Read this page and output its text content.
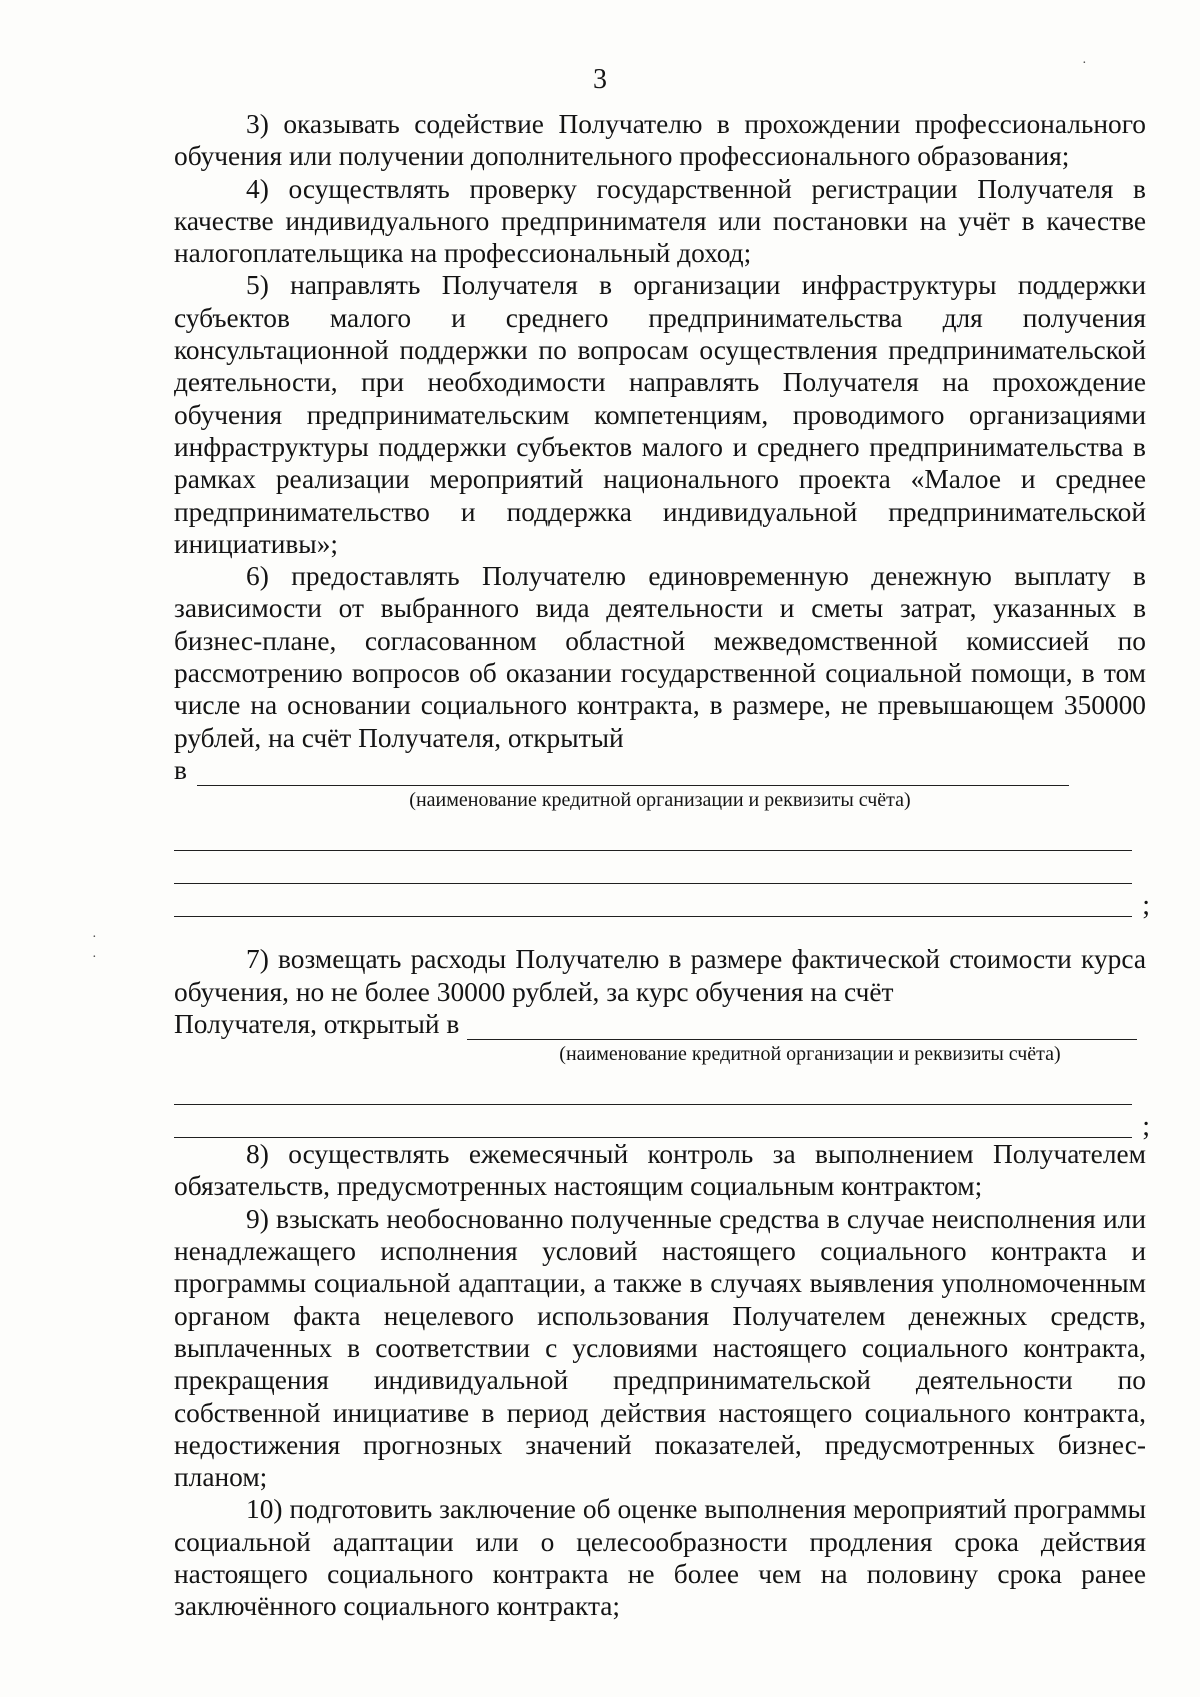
3

3) оказывать содействие Получателю в прохождении профессионального обучения или получении дополнительного профессионального образования;

4) осуществлять проверку государственной регистрации Получателя в качестве индивидуального предпринимателя или постановки на учёт в качестве налогоплательщика на профессиональный доход;

5) направлять Получателя в организации инфраструктуры поддержки субъектов малого и среднего предпринимательства для получения консультационной поддержки по вопросам осуществления предпринимательской деятельности, при необходимости направлять Получателя на прохождение обучения предпринимательским компетенциям, проводимого организациями инфраструктуры поддержки субъектов малого и среднего предпринимательства в рамках реализации мероприятий национального проекта «Малое и среднее предпринимательство и поддержка индивидуальной предпринимательской инициативы»;

6) предоставлять Получателю единовременную денежную выплату в зависимости от выбранного вида деятельности и сметы затрат, указанных в бизнес-плане, согласованном областной межведомственной комиссией по рассмотрению вопросов об оказании государственной социальной помощи, в том числе на основании социального контракта, в размере, не превышающем 350000 рублей, на счёт Получателя, открытый

в
(наименование кредитной организации и реквизиты счёта)
;

7) возмещать расходы Получателю в размере фактической стоимости курса обучения, но не более 30000 рублей, за курс обучения на счёт

Получателя, открытый в
(наименование кредитной организации и реквизиты счёта)
;

8) осуществлять ежемесячный контроль за выполнением Получателем обязательств, предусмотренных настоящим социальным контрактом;

9) взыскать необоснованно полученные средства в случае неисполнения или ненадлежащего исполнения условий настоящего социального контракта и программы социальной адаптации, а также в случаях выявления уполномоченным органом факта нецелевого использования Получателем денежных средств, выплаченных в соответствии с условиями настоящего социального контракта, прекращения индивидуальной предпринимательской деятельности по собственной инициативе в период действия настоящего социального контракта, недостижения прогнозных значений показателей, предусмотренных бизнес-планом;

10) подготовить заключение об оценке выполнения мероприятий программы социальной адаптации или о целесообразности продления срока действия настоящего социального контракта не более чем на половину срока ранее заключённого социального контракта;

·
·
·
